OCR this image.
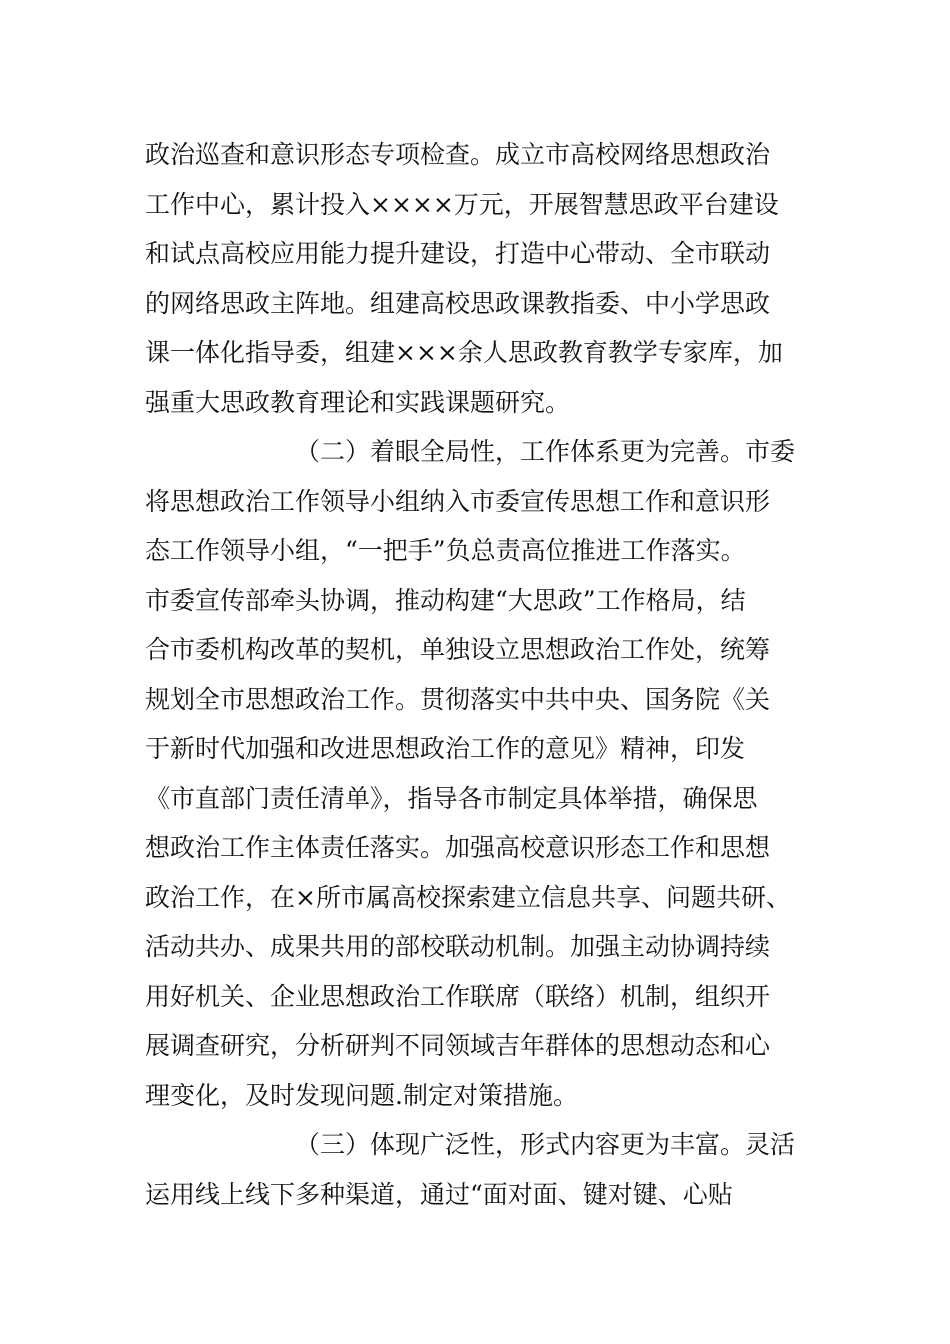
政治巡查和意识形态专项检查。成立市高校网络思想政治
工作中心，累计投入××××万元，开展智慧思政平台建设
和试点高校应用能力提升建设，打造中心带动、全市联动
的网络思政主阵地。组建高校思政课教指委、中小学思政
课一体化指导委，组建×××余人思政教育教学专家库，加
强重大思政教育理论和实践课题研究。
（二）着眼全局性，工作体系更为完善。市委
将思想政治工作领导小组纳入市委宣传思想工作和意识形
态工作领导小组，“一把手”负总责高位推进工作落实。
市委宣传部牵头协调，推动构建“大思政”工作格局，结
合市委机构改革的契机，单独设立思想政治工作处，统筹
规划全市思想政治工作。贯彻落实中共中央、国务院《关
于新时代加强和改进思想政治工作的意见》精神，印发
《市直部门责任清单》，指导各市制定具体举措，确保思
想政治工作主体责任落实。加强高校意识形态工作和思想
政治工作，在×所市属高校探索建立信息共享、问题共研、
活动共办、成果共用的部校联动机制。加强主动协调持续
用好机关、企业思想政治工作联席（联络）机制，组织开
展调查研究，分析研判不同领域吉年群体的思想动态和心
理变化，及时发现问题.制定对策措施。
（三）体现广泛性，形式内容更为丰富。灵活
运用线上线下多种渠道，通过“面对面、键对键、心贴
